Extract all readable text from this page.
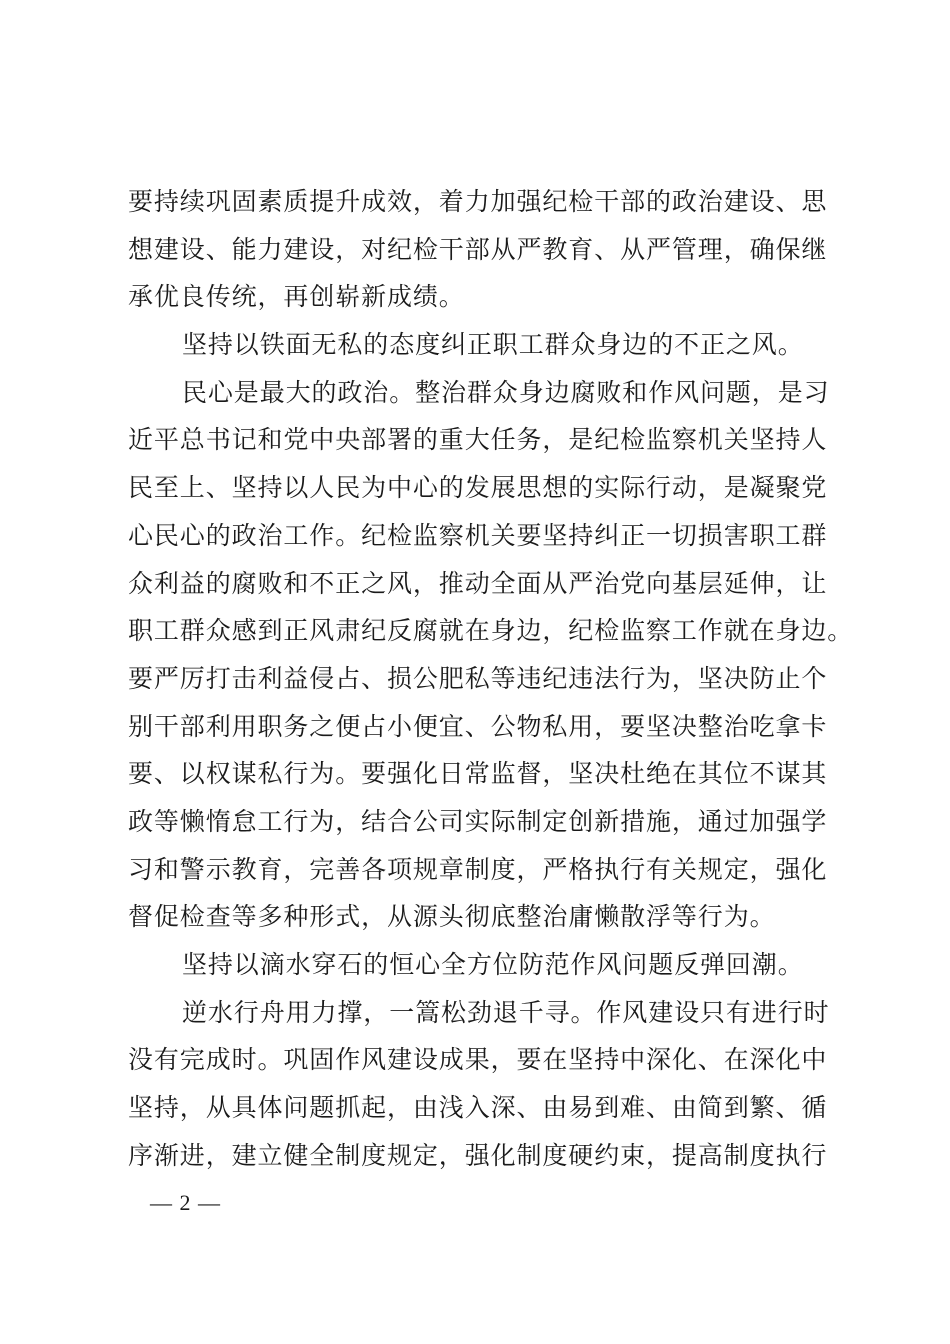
要持续巩固素质提升成效，着力加强纪检干部的政治建设、思
想建设、能力建设，对纪检干部从严教育、从严管理，确保继
承优良传统，再创崭新成绩。
坚持以铁面无私的态度纠正职工群众身边的不正之风。
民心是最大的政治。整治群众身边腐败和作风问题，是习
近平总书记和党中央部署的重大任务，是纪检监察机关坚持人
民至上、坚持以人民为中心的发展思想的实际行动，是凝聚党
心民心的政治工作。纪检监察机关要坚持纠正一切损害职工群
众利益的腐败和不正之风，推动全面从严治党向基层延伸，让
职工群众感到正风肃纪反腐就在身边，纪检监察工作就在身边。
要严厉打击利益侵占、损公肥私等违纪违法行为，坚决防止个
别干部利用职务之便占小便宜、公物私用，要坚决整治吃拿卡
要、以权谋私行为。要强化日常监督，坚决杜绝在其位不谋其
政等懒惰怠工行为，结合公司实际制定创新措施，通过加强学
习和警示教育，完善各项规章制度，严格执行有关规定，强化
督促检查等多种形式，从源头彻底整治庸懒散浮等行为。
坚持以滴水穿石的恒心全方位防范作风问题反弹回潮。
逆水行舟用力撑，一篙松劲退千寻。作风建设只有进行时
没有完成时。巩固作风建设成果，要在坚持中深化、在深化中
坚持，从具体问题抓起，由浅入深、由易到难、由简到繁、循
序渐进，建立健全制度规定，强化制度硬约束，提高制度执行
— 2 —
